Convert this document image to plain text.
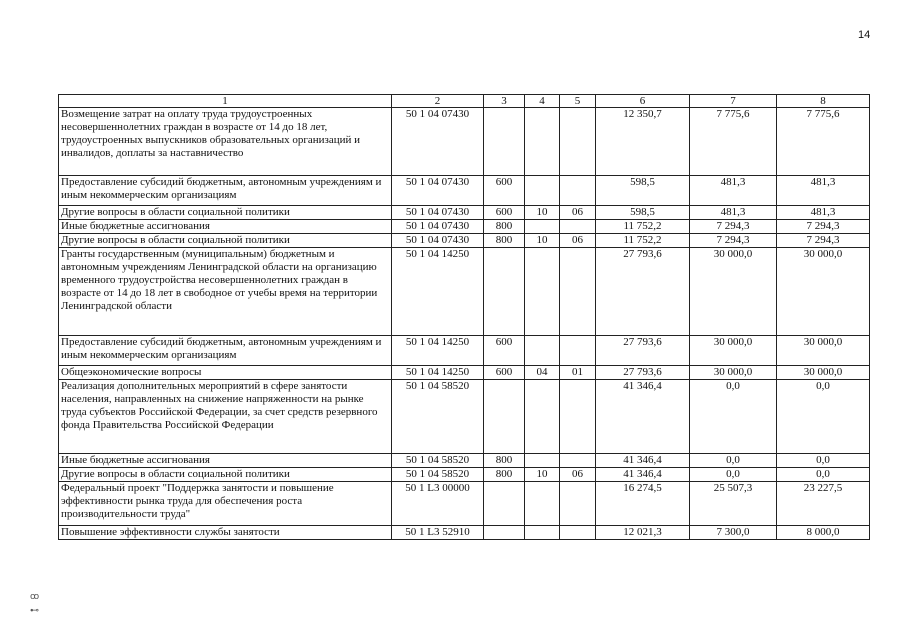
14
1	2	3	4	5	6	7	8
Возмещение затрат на оплату труда трудоустроенных несовершеннолетних граждан в возрасте от 14 до 18 лет, трудоустроенных выпускников образовательных организаций и инвалидов, доплаты за наставничество	50 1 04 07430				12 350,7	7 775,6	7 775,6
Предоставление субсидий бюджетным, автономным учреждениям и иным некоммерческим организациям	50 1 04 07430	600			598,5	481,3	481,3
Другие вопросы в области социальной политики	50 1 04 07430	600	10	06	598,5	481,3	481,3
Иные бюджетные ассигнования	50 1 04 07430	800			11 752,2	7 294,3	7 294,3
Другие вопросы в области социальной политики	50 1 04 07430	800	10	06	11 752,2	7 294,3	7 294,3
Гранты государственным (муниципальным) бюджетным и автономным учреждениям Ленинградской области на организацию временного трудоустройства несовершеннолетних граждан в возрасте от 14 до 18 лет в свободное от учебы время на территории Ленинградской области	50 1 04 14250				27 793,6	30 000,0	30 000,0
Предоставление субсидий бюджетным, автономным учреждениям и иным некоммерческим организациям	50 1 04 14250	600			27 793,6	30 000,0	30 000,0
Общеэкономические вопросы	50 1 04 14250	600	04	01	27 793,6	30 000,0	30 000,0
Реализация дополнительных мероприятий в сфере занятости населения, направленных на снижение напряженности на рынке труда субъектов Российской Федерации, за счет средств резервного фонда Правительства Российской Федерации	50 1 04 58520				41 346,4	0,0	0,0
Иные бюджетные ассигнования	50 1 04 58520	800			41 346,4	0,0	0,0
Другие вопросы в области социальной политики	50 1 04 58520	800	10	06	41 346,4	0,0	0,0
Федеральный проект "Поддержка занятости и повышение эффективности рынка труда для обеспечения роста производительности труда"	50 1 L3 00000				16 274,5	25 507,3	23 227,5
Повышение эффективности службы занятости	50 1 L3 52910				12 021,3	7 300,0	8 000,0
ꝏ
⊷
